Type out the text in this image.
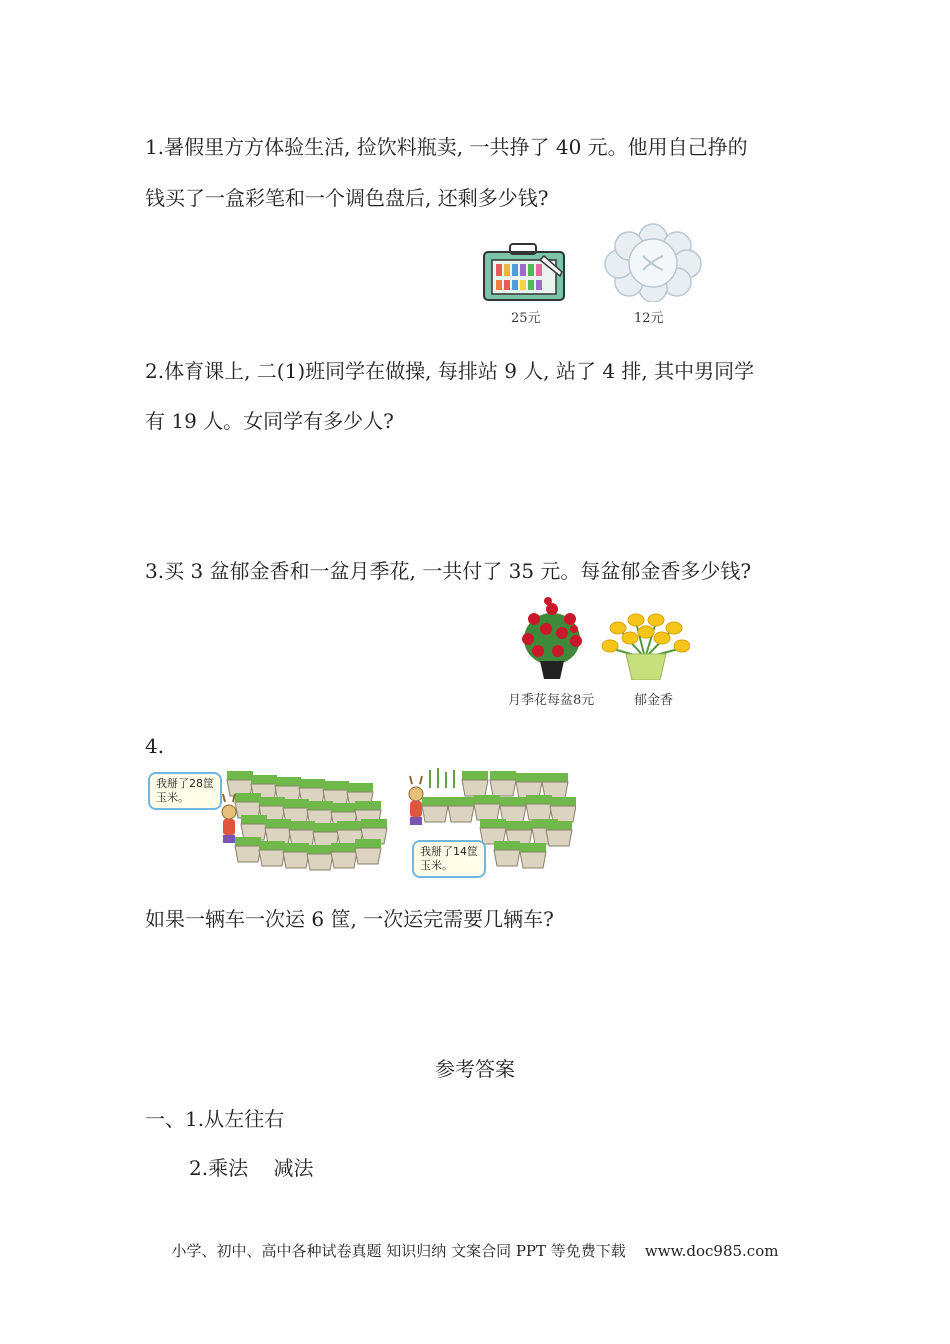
1.暑假里方方体验生活, 捡饮料瓶卖, 一共挣了 40 元。他用自己挣的
钱买了一盒彩笔和一个调色盘后, 还剩多少钱?
25元	12元
2.体育课上, 二(1)班同学在做操, 每排站 9 人, 站了 4 排, 其中男同学
有 19 人。女同学有多少人?
3.买 3 盆郁金香和一盆月季花, 一共付了 35 元。每盆郁金香多少钱?
月季花每盆8元	郁金香
4.
我掰了28筐
玉米。
我掰了14筐
玉米。
如果一辆车一次运 6 筐, 一次运完需要几辆车?
参考答案
一、1.从左往右
2.乘法    减法
小学、初中、高中各种试卷真题 知识归纳 文案合同 PPT 等免费下载    www.doc985.com
